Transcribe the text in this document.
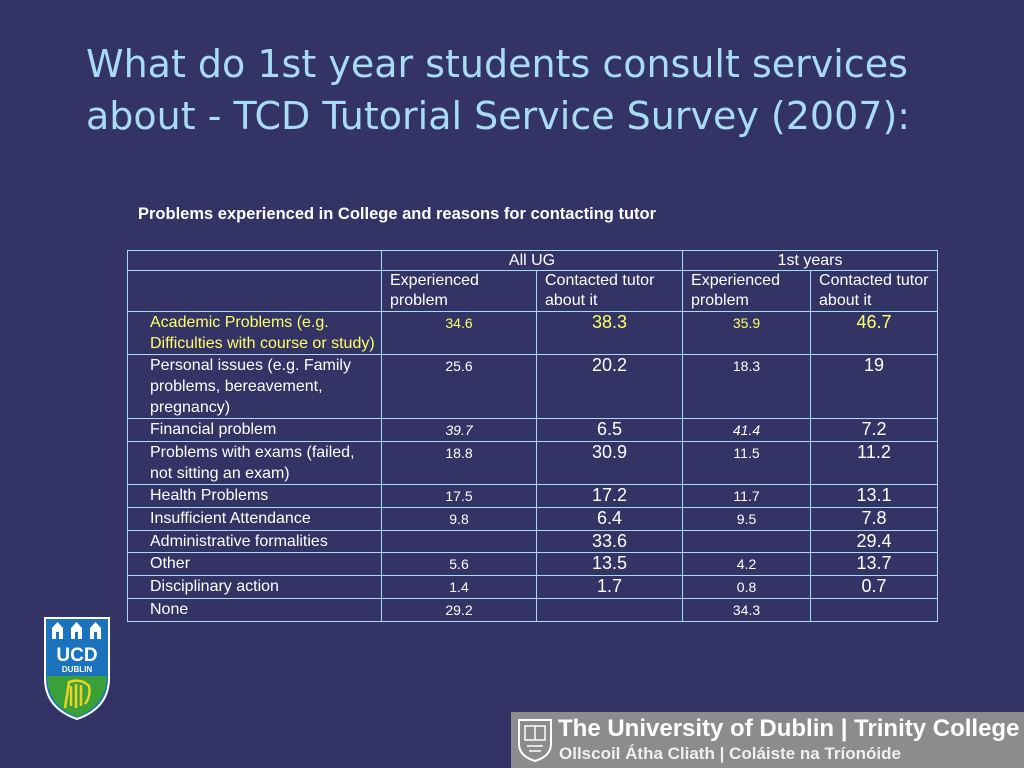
What do 1st year students consult services about - TCD Tutorial Service Survey (2007):
Problems experienced in College and reasons for contacting tutor
	All UG		1st years	
	Experienced problem	Contacted tutor about it	Experienced problem	Contacted tutor about it
Academic Problems (e.g. Difficulties with course or study)	34.6	38.3	35.9	46.7
Personal issues (e.g. Family problems, bereavement, pregnancy)	25.6	20.2	18.3	19
Financial problem	39.7	6.5	41.4	7.2
Problems with exams (failed, not sitting an exam)	18.8	30.9	11.5	11.2
Health Problems	17.5	17.2	11.7	13.1
Insufficient Attendance	9.8	6.4	9.5	7.8
Administrative formalities		33.6		29.4
Other	5.6	13.5	4.2	13.7
Disciplinary action	1.4	1.7	0.8	0.7
None	29.2		34.3	
UCD
DUBLIN
The University of Dublin | Trinity College
Ollscoil Átha Cliath | Coláiste na Tríonóide
